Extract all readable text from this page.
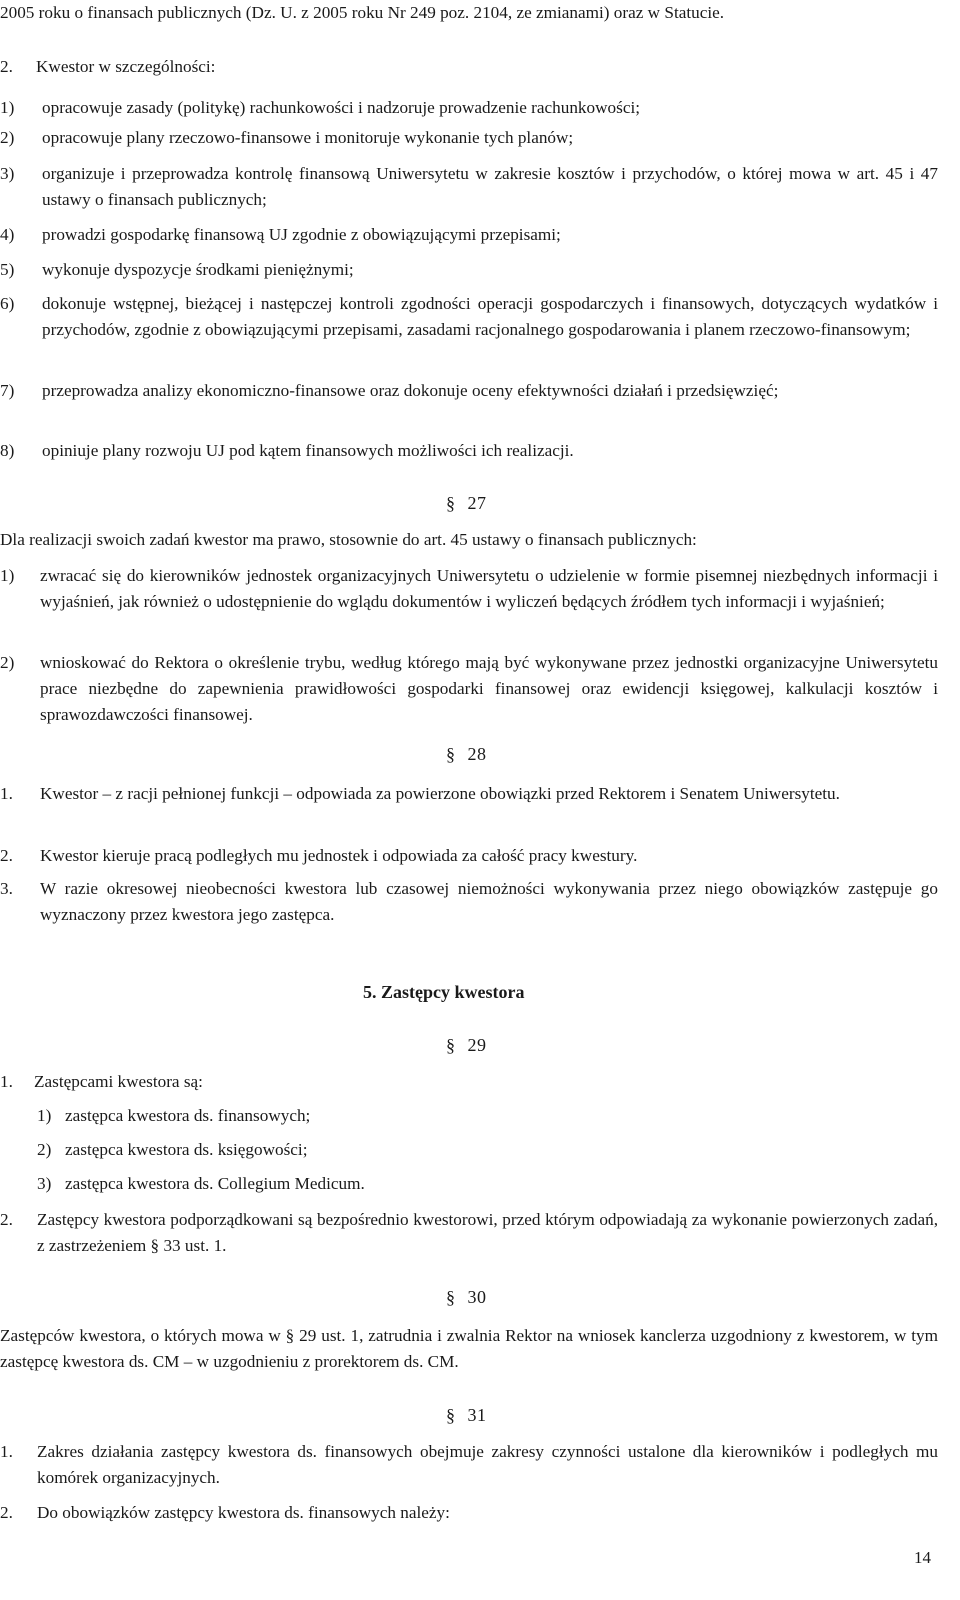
2005 roku o finansach publicznych (Dz. U. z 2005 roku Nr 249 poz. 2104, ze zmianami) oraz w Statucie.
2.	Kwestor w szczególności:
1)	opracowuje zasady (politykę) rachunkowości i nadzoruje prowadzenie rachunkowości;
2)	opracowuje plany rzeczowo-finansowe i monitoruje wykonanie tych planów;
3)	organizuje i przeprowadza kontrolę finansową Uniwersytetu w zakresie kosztów i przychodów, o której mowa w art. 45 i 47 ustawy o finansach publicznych;
4)	prowadzi gospodarkę finansową UJ zgodnie z obowiązującymi przepisami;
5)	wykonuje dyspozycje środkami pieniężnymi;
6)	dokonuje wstępnej, bieżącej i następczej kontroli zgodności operacji gospodarczych i finansowych, dotyczących wydatków i przychodów, zgodnie z obowiązującymi przepisami, zasadami racjonalnego gospodarowania i planem rzeczowo-finansowym;
7)	przeprowadza analizy ekonomiczno-finansowe oraz dokonuje oceny efektywności działań i przedsięwzięć;
8)	opiniuje plany rozwoju UJ pod kątem finansowych możliwości ich realizacji.
§ 27
Dla realizacji swoich zadań kwestor ma prawo, stosownie do art. 45 ustawy o finansach publicznych:
1)	zwracać się do kierowników jednostek organizacyjnych Uniwersytetu o udzielenie w formie pisemnej niezbędnych informacji i wyjaśnień, jak również o udostępnienie do wglądu dokumentów i wyliczeń będących źródłem tych informacji i wyjaśnień;
2)	wnioskować do Rektora o określenie trybu, według którego mają być wykonywane przez jednostki organizacyjne Uniwersytetu prace niezbędne do zapewnienia prawidłowości gospodarki finansowej oraz ewidencji księgowej, kalkulacji kosztów i sprawozdawczości finansowej.
§ 28
1.	Kwestor – z racji pełnionej funkcji – odpowiada za powierzone obowiązki przed Rektorem i Senatem Uniwersytetu.
2.	Kwestor kieruje pracą podległych mu jednostek i odpowiada za całość pracy kwestury.
3.	W razie okresowej nieobecności kwestora lub czasowej niemożności wykonywania przez niego obowiązków zastępuje go wyznaczony przez kwestora jego zastępca.
5. Zastępcy kwestora
§ 29
1.	Zastępcami kwestora są:
1) zastępca kwestora ds. finansowych;
2) zastępca kwestora ds. księgowości;
3) zastępca kwestora ds. Collegium Medicum.
2.	Zastępcy kwestora podporządkowani są bezpośrednio kwestorowi, przed którym odpowiadają za wykonanie powierzonych zadań, z zastrzeżeniem § 33 ust. 1.
§ 30
Zastępców kwestora, o których mowa w § 29 ust. 1, zatrudnia i zwalnia Rektor na wniosek kanclerza uzgodniony z kwestorem, w tym zastępcę kwestora ds. CM – w uzgodnieniu z prorektorem ds. CM.
§ 31
1.	Zakres działania zastępcy kwestora ds. finansowych obejmuje zakresy czynności ustalone dla kierowników i podległych mu komórek organizacyjnych.
2.	Do obowiązków zastępcy kwestora ds. finansowych należy:
14
